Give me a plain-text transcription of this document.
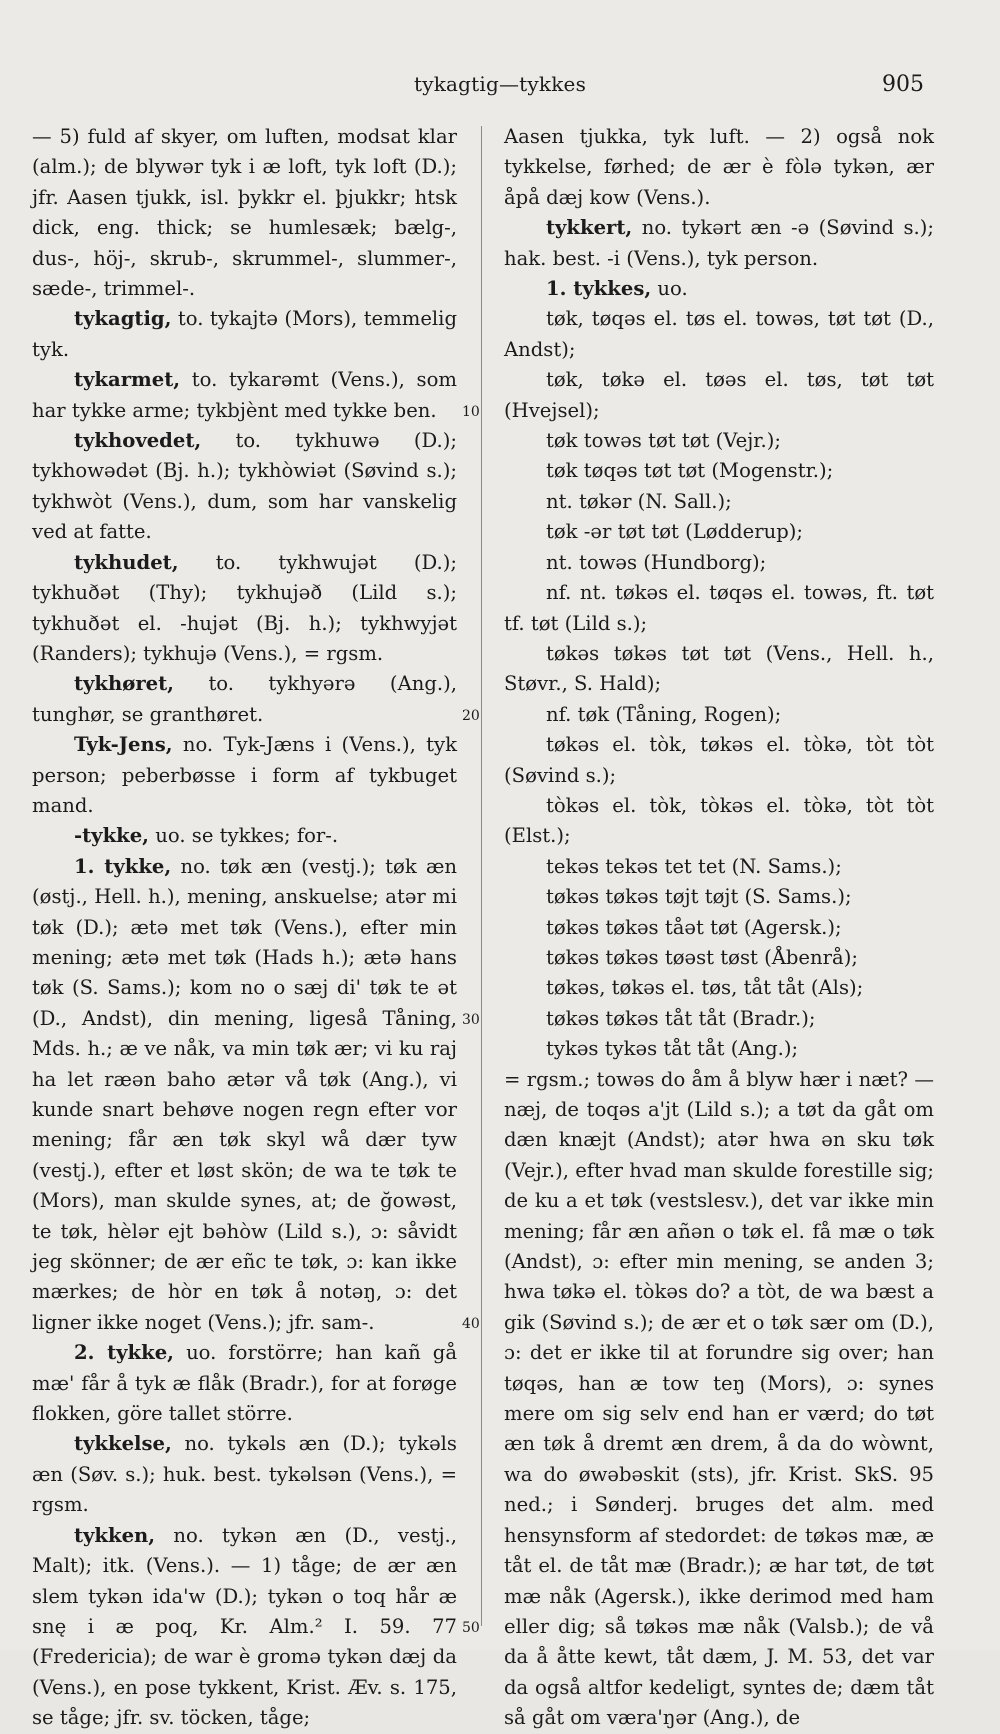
tykagtig—tykkes	905

— 5) fuld af skyer, om luften, modsat klar (alm.); de blywər tyk i æ loft, tyk loft (D.); jfr. Aasen tjukk, isl. þykkr el. þjukkr; htsk dick, eng. thick; se humlesæk; bælg-, dus-, höj-, skrub-, skrummel-, slummer-, sæde-, trimmel-.

tykagtig, to. tykajtə (Mors), temmelig tyk.

tykarmet, to. tykarəmt (Vens.), som har tykke arme; tykbjènt med tykke ben.

tykhovedet, to. tykhuwə (D.); tykhowədət (Bj. h.); tykhòwiət (Søvind s.); tykhwòt (Vens.), dum, som har vanskelig ved at fatte.

tykhudet, to. tykhwujət (D.); tykhuðət (Thy); tykhujəð (Lild s.); tykhuðət el. -hujət (Bj. h.); tykhwyjət (Randers); tykhujə (Vens.), = rgsm.

tykhøret, to. tykhyərə (Ang.), tunghør, se granthøret.

Tyk-Jens, no. Tyk-Jæns i (Vens.), tyk person; peberbøsse i form af tykbuget mand.

-tykke, uo. se tykkes; for-.

1. tykke, no. tøk æn (vestj.); tøk æn (østj., Hell. h.), mening, anskuelse; atər mi tøk (D.); ætə met tøk (Vens.), efter min mening; ætə met tøk (Hads h.); ætə hans tøk (S. Sams.); kom no o sæj di' tøk te ət (D., Andst), din mening, ligeså Tåning, Mds. h.; æ ve nåk, va min tøk ær; vi ku raj ha let ræən baho ætər vå tøk (Ang.), vi kunde snart behøve nogen regn efter vor mening; får æn tøk skyl wå dær tyw (vestj.), efter et løst skön; de wa te tøk te (Mors), man skulde synes, at; de ğowəst, te tøk, hèlər ejt bəhòw (Lild s.), ɔ: såvidt jeg skönner; de ær eñc te tøk, ɔ: kan ikke mærkes; de hòr en tøk å notəŋ, ɔ: det ligner ikke noget (Vens.); jfr. sam-.

2. tykke, uo. forstörre; han kañ gå mæ' får å tyk æ flåk (Bradr.), for at forøge flokken, göre tallet större.

tykkelse, no. tykəls æn (D.); tykəls æn (Søv. s.); huk. best. tykəlsən (Vens.), = rgsm.

tykken, no. tykən æn (D., vestj., Malt); itk. (Vens.). — 1) tåge; de ær æn slem tykən ida'w (D.); tykən o toq hår æ snę i æ poq, Kr. Alm.² I. 59. 77 (Fredericia); de war è gromə tykən dæj da (Vens.), en pose tykkent, Krist. Æv. s. 175, se tåge; jfr. sv. töcken, tåge;

10
20
30
40
50

Aasen tjukka, tyk luft. — 2) også nok tykkelse, førhed; de ær è fòlə tykən, ær åpå dæj kow (Vens.).

tykkert, no. tykərt æn -ə (Søvind s.); hak. best. -i (Vens.), tyk person.

1. tykkes, uo.

tøk, tøqəs el. tøs el. towəs, tøt tøt (D., Andst);

tøk, tøkə el. tøəs el. tøs, tøt tøt (Hvejsel);

tøk towəs tøt tøt (Vejr.);

tøk tøqəs tøt tøt (Mogenstr.);

nt. tøkər (N. Sall.);

tøk -ər tøt tøt (Lødderup);

nt. towəs (Hundborg);

nf. nt. tøkəs el. tøqəs el. towəs, ft. tøt tf. tøt (Lild s.);

tøkəs tøkəs tøt tøt (Vens., Hell. h., Støvr., S. Hald);

nf. tøk (Tåning, Rogen);

tøkəs el. tòk, tøkəs el. tòkə, tòt tòt (Søvind s.);

tòkəs el. tòk, tòkəs el. tòkə, tòt tòt (Elst.);

tekəs tekəs tet tet (N. Sams.);

tøkəs tøkəs tøjt tøjt (S. Sams.);

tøkəs tøkəs tåət tøt (Agersk.);

tøkəs tøkəs tøəst tøst (Åbenrå);

tøkəs, tøkəs el. tøs, tåt tåt (Als);

tøkəs tøkəs tåt tåt (Bradr.);

tykəs tykəs tåt tåt (Ang.);

= rgsm.; towəs do åm å blyw hær i næt? — næj, de toqəs a'jt (Lild s.); a tøt da gåt om dæn knæjt (Andst); atər hwa ən sku tøk (Vejr.), efter hvad man skulde forestille sig; de ku a et tøk (vestslesv.), det var ikke min mening; får æn añən o tøk el. få mæ o tøk (Andst), ɔ: efter min mening, se anden 3; hwa tøkə el. tòkəs do? a tòt, de wa bæst a gik (Søvind s.); de ær et o tøk sær om (D.), ɔ: det er ikke til at forundre sig over; han tøqəs, han æ tow teŋ (Mors), ɔ: synes mere om sig selv end han er værd; do tøt æn tøk å dremt æn drem, å da do wòwnt, wa do øwəbəskit (sts), jfr. Krist. SkS. 95 ned.; i Sønderj. bruges det alm. med hensynsform af stedordet: de tøkəs mæ, æ tåt el. de tåt mæ (Bradr.); æ har tøt, de tøt mæ nåk (Agersk.), ikke derimod med ham eller dig; så tøkəs mæ nåk (Valsb.); de vå da å åtte kewt, tåt dæm, J. M. 53, det var da også altfor kedeligt, syntes de; dæm tåt så gåt om væra'ŋər (Ang.), de
